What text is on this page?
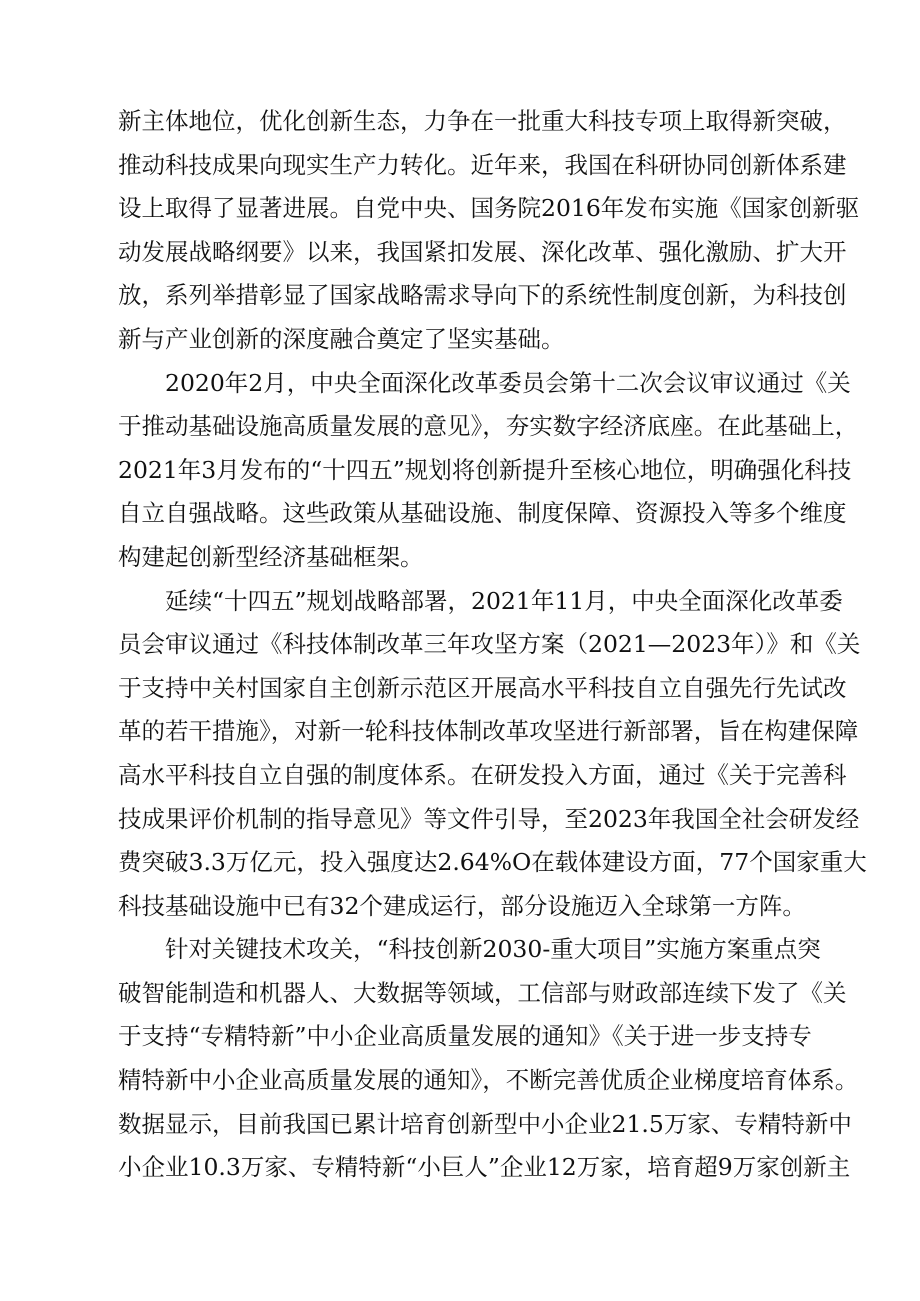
新主体地位，优化创新生态，力争在一批重大科技专项上取得新突破，
推动科技成果向现实生产力转化。近年来，我国在科研协同创新体系建
设上取得了显著进展。自党中央、国务院2016年发布实施《国家创新驱
动发展战略纲要》以来，我国紧扣发展、深化改革、强化激励、扩大开
放，系列举措彰显了国家战略需求导向下的系统性制度创新，为科技创
新与产业创新的深度融合奠定了坚实基础。
2020年2月，中央全面深化改革委员会第十二次会议审议通过《关
于推动基础设施高质量发展的意见》，夯实数字经济底座。在此基础上，
2021年3月发布的“十四五”规划将创新提升至核心地位，明确强化科技
自立自强战略。这些政策从基础设施、制度保障、资源投入等多个维度
构建起创新型经济基础框架。
延续“十四五”规划战略部署，2021年11月，中央全面深化改革委
员会审议通过《科技体制改革三年攻坚方案（2021—2023年）》和《关
于支持中关村国家自主创新示范区开展高水平科技自立自强先行先试改
革的若干措施》，对新一轮科技体制改革攻坚进行新部署，旨在构建保障
高水平科技自立自强的制度体系。在研发投入方面，通过《关于完善科
技成果评价机制的指导意见》等文件引导，至2023年我国全社会研发经
费突破3.3万亿元，投入强度达2.64%O在载体建设方面，77个国家重大
科技基础设施中已有32个建成运行，部分设施迈入全球第一方阵。
针对关键技术攻关，“科技创新2030-重大项目”实施方案重点突
破智能制造和机器人、大数据等领域，工信部与财政部连续下发了《关
于支持“专精特新”中小企业高质量发展的通知》《关于进一步支持专
精特新中小企业高质量发展的通知》，不断完善优质企业梯度培育体系。
数据显示，目前我国已累计培育创新型中小企业21.5万家、专精特新中
小企业10.3万家、专精特新“小巨人”企业12万家，培育超9万家创新主
